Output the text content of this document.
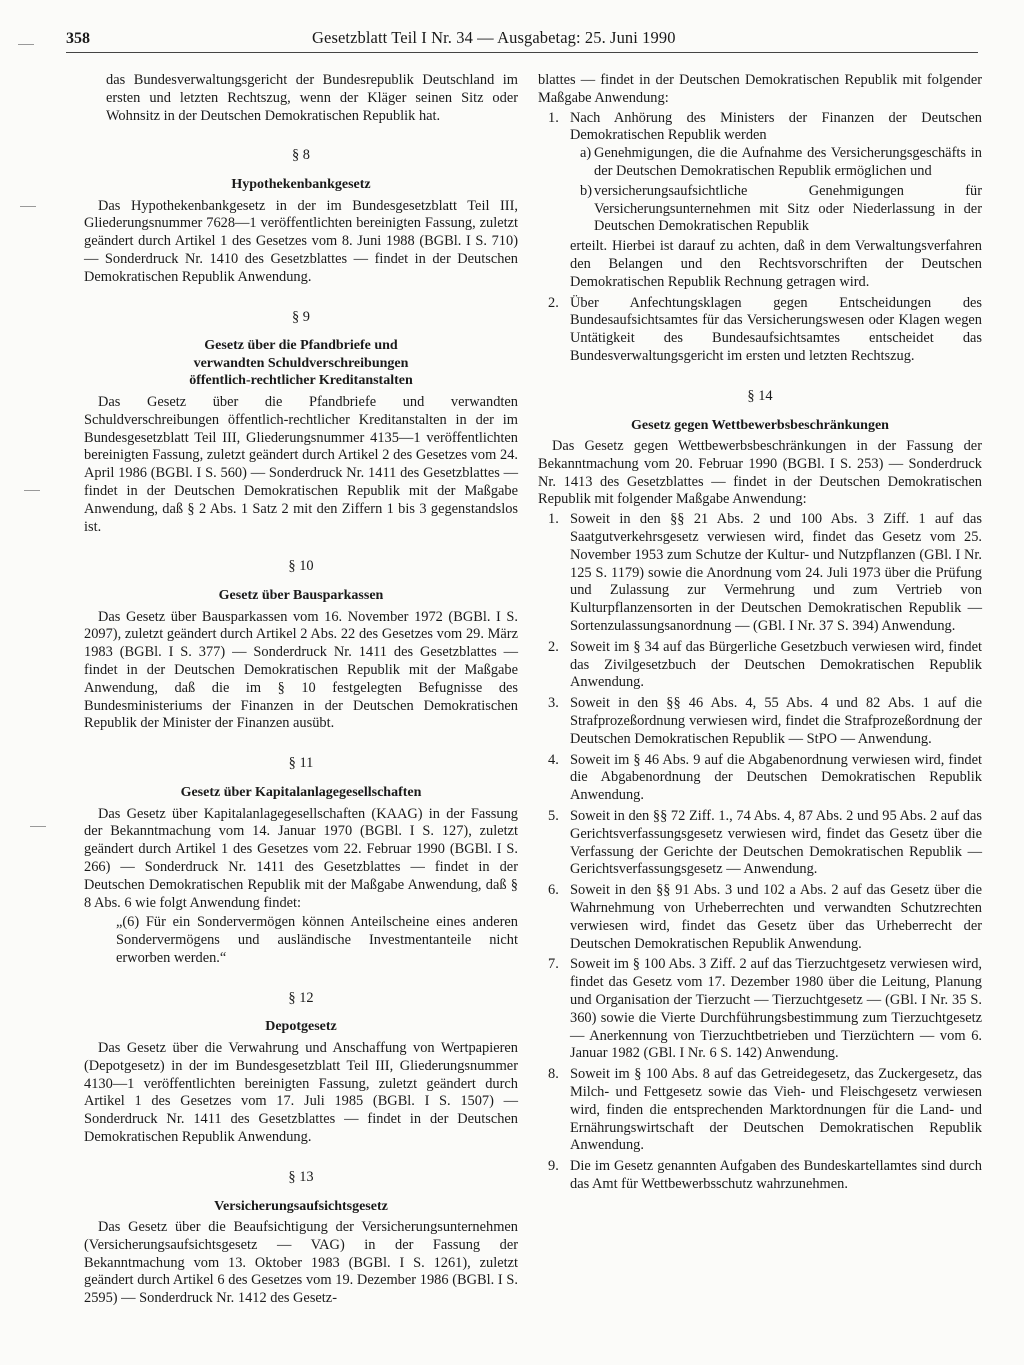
358	Gesetzblatt Teil I Nr. 34 — Ausgabetag: 25. Juni 1990

das Bundesverwaltungsgericht der Bundesrepublik Deutschland im ersten und letzten Rechtszug, wenn der Kläger seinen Sitz oder Wohnsitz in der Deutschen Demokratischen Republik hat.

§ 8
Hypothekenbankgesetz

Das Hypothekenbankgesetz in der im Bundesgesetzblatt Teil III, Gliederungsnummer 7628—1 veröffentlichten bereinigten Fassung, zuletzt geändert durch Artikel 1 des Gesetzes vom 8. Juni 1988 (BGBl. I S. 710) — Sonderdruck Nr. 1410 des Gesetzblattes — findet in der Deutschen Demokratischen Republik Anwendung.

§ 9
Gesetz über die Pfandbriefe und
verwandten Schuldverschreibungen
öffentlich-rechtlicher Kreditanstalten

Das Gesetz über die Pfandbriefe und verwandten Schuldverschreibungen öffentlich-rechtlicher Kreditanstalten in der im Bundesgesetzblatt Teil III, Gliederungsnummer 4135—1 veröffentlichten bereinigten Fassung, zuletzt geändert durch Artikel 2 des Gesetzes vom 24. April 1986 (BGBl. I S. 560) — Sonderdruck Nr. 1411 des Gesetzblattes — findet in der Deutschen Demokratischen Republik mit der Maßgabe Anwendung, daß § 2 Abs. 1 Satz 2 mit den Ziffern 1 bis 3 gegenstandslos ist.

§ 10
Gesetz über Bausparkassen

Das Gesetz über Bausparkassen vom 16. November 1972 (BGBl. I S. 2097), zuletzt geändert durch Artikel 2 Abs. 22 des Gesetzes vom 29. März 1983 (BGBl. I S. 377) — Sonderdruck Nr. 1411 des Gesetzblattes — findet in der Deutschen Demokratischen Republik mit der Maßgabe Anwendung, daß die im § 10 festgelegten Befugnisse des Bundesministeriums der Finanzen in der Deutschen Demokratischen Republik der Minister der Finanzen ausübt.

§ 11
Gesetz über Kapitalanlagegesellschaften

Das Gesetz über Kapitalanlagegesellschaften (KAAG) in der Fassung der Bekanntmachung vom 14. Januar 1970 (BGBl. I S. 127), zuletzt geändert durch Artikel 1 des Gesetzes vom 22. Februar 1990 (BGBl. I S. 266) — Sonderdruck Nr. 1411 des Gesetzblattes — findet in der Deutschen Demokratischen Republik mit der Maßgabe Anwendung, daß § 8 Abs. 6 wie folgt Anwendung findet:

„(6) Für ein Sondervermögen können Anteilscheine eines anderen Sondervermögens und ausländische Investmentanteile nicht erworben werden.“

§ 12
Depotgesetz

Das Gesetz über die Verwahrung und Anschaffung von Wertpapieren (Depotgesetz) in der im Bundesgesetzblatt Teil III, Gliederungsnummer 4130—1 veröffentlichten bereinigten Fassung, zuletzt geändert durch Artikel 1 des Gesetzes vom 17. Juli 1985 (BGBl. I S. 1507) — Sonderdruck Nr. 1411 des Gesetzblattes — findet in der Deutschen Demokratischen Republik Anwendung.

§ 13
Versicherungsaufsichtsgesetz

Das Gesetz über die Beaufsichtigung der Versicherungsunternehmen (Versicherungsaufsichtsgesetz — VAG) in der Fassung der Bekanntmachung vom 13. Oktober 1983 (BGBl. I S. 1261), zuletzt geändert durch Artikel 6 des Gesetzes vom 19. Dezember 1986 (BGBl. I S. 2595) — Sonderdruck Nr. 1412 des Gesetz-

blattes — findet in der Deutschen Demokratischen Republik mit folgender Maßgabe Anwendung:

1. Nach Anhörung des Ministers der Finanzen der Deutschen Demokratischen Republik werden
a) Genehmigungen, die die Aufnahme des Versicherungsgeschäfts in der Deutschen Demokratischen Republik ermöglichen und
b) versicherungsaufsichtliche Genehmigungen für Versicherungsunternehmen mit Sitz oder Niederlassung in der Deutschen Demokratischen Republik

erteilt. Hierbei ist darauf zu achten, daß in dem Verwaltungsverfahren den Belangen und den Rechtsvorschriften der Deutschen Demokratischen Republik Rechnung getragen wird.

2. Über Anfechtungsklagen gegen Entscheidungen des Bundesaufsichtsamtes für das Versicherungswesen oder Klagen wegen Untätigkeit des Bundesaufsichtsamtes entscheidet das Bundesverwaltungsgericht im ersten und letzten Rechtszug.
§ 14
Gesetz gegen Wettbewerbsbeschränkungen

Das Gesetz gegen Wettbewerbsbeschränkungen in der Fassung der Bekanntmachung vom 20. Februar 1990 (BGBl. I S. 253) — Sonderdruck Nr. 1413 des Gesetzblattes — findet in der Deutschen Demokratischen Republik mit folgender Maßgabe Anwendung:

1. Soweit in den §§ 21 Abs. 2 und 100 Abs. 3 Ziff. 1 auf das Saatgutverkehrsgesetz verwiesen wird, findet das Gesetz vom 25. November 1953 zum Schutze der Kultur- und Nutzpflanzen (GBl. I Nr. 125 S. 1179) sowie die Anordnung vom 24. Juli 1973 über die Prüfung und Zulassung zur Vermehrung und zum Vertrieb von Kulturpflanzensorten in der Deutschen Demokratischen Republik — Sortenzulassungsanordnung — (GBl. I Nr. 37 S. 394) Anwendung.
2. Soweit im § 34 auf das Bürgerliche Gesetzbuch verwiesen wird, findet das Zivilgesetzbuch der Deutschen Demokratischen Republik Anwendung.
3. Soweit in den §§ 46 Abs. 4, 55 Abs. 4 und 82 Abs. 1 auf die Strafprozeßordnung verwiesen wird, findet die Strafprozeßordnung der Deutschen Demokratischen Republik — StPO — Anwendung.
4. Soweit im § 46 Abs. 9 auf die Abgabenordnung verwiesen wird, findet die Abgabenordnung der Deutschen Demokratischen Republik Anwendung.
5. Soweit in den §§ 72 Ziff. 1., 74 Abs. 4, 87 Abs. 2 und 95 Abs. 2 auf das Gerichtsverfassungsgesetz verwiesen wird, findet das Gesetz über die Verfassung der Gerichte der Deutschen Demokratischen Republik — Gerichtsverfassungsgesetz — Anwendung.
6. Soweit in den §§ 91 Abs. 3 und 102 a Abs. 2 auf das Gesetz über die Wahrnehmung von Urheberrechten und verwandten Schutzrechten verwiesen wird, findet das Gesetz über das Urheberrecht der Deutschen Demokratischen Republik Anwendung.
7. Soweit im § 100 Abs. 3 Ziff. 2 auf das Tierzuchtgesetz verwiesen wird, findet das Gesetz vom 17. Dezember 1980 über die Leitung, Planung und Organisation der Tierzucht — Tierzuchtgesetz — (GBl. I Nr. 35 S. 360) sowie die Vierte Durchführungsbestimmung zum Tierzuchtgesetz — Anerkennung von Tierzuchtbetrieben und Tierzüchtern — vom 6. Januar 1982 (GBl. I Nr. 6 S. 142) Anwendung.
8. Soweit im § 100 Abs. 8 auf das Getreidegesetz, das Zuckergesetz, das Milch- und Fettgesetz sowie das Vieh- und Fleischgesetz verwiesen wird, finden die entsprechenden Marktordnungen für die Land- und Ernährungswirtschaft der Deutschen Demokratischen Republik Anwendung.
9. Die im Gesetz genannten Aufgaben des Bundeskartellamtes sind durch das Amt für Wettbewerbsschutz wahrzunehmen.
